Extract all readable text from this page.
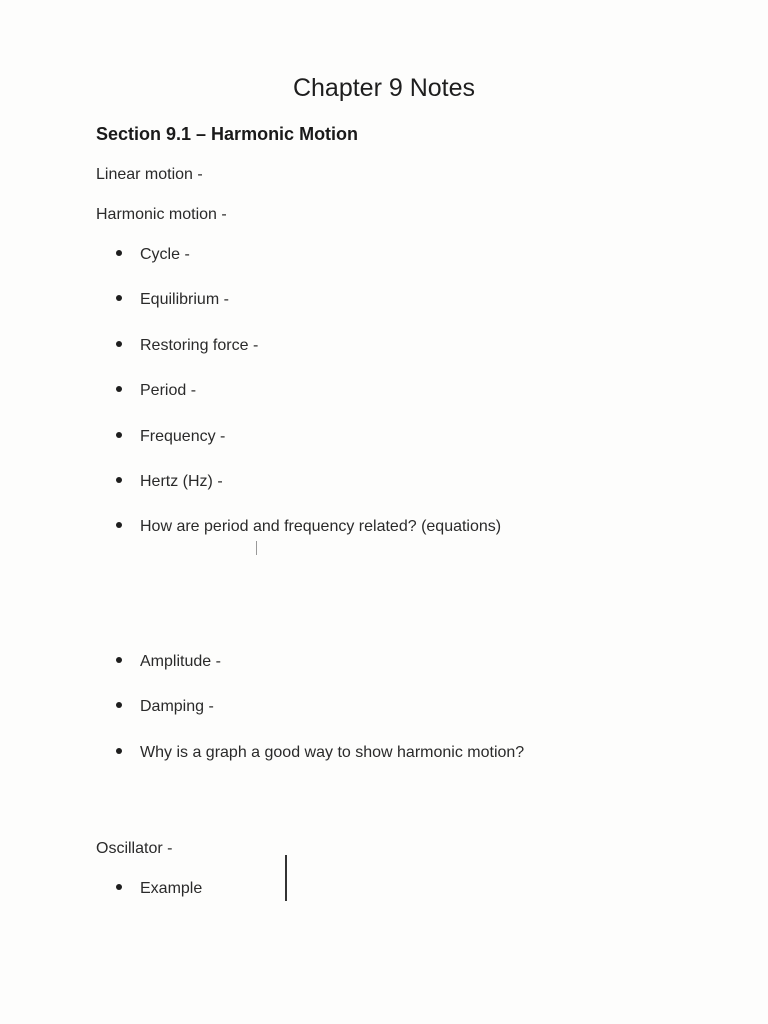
Chapter 9 Notes
Section 9.1 – Harmonic Motion
Linear motion -
Harmonic motion -
Cycle -
Equilibrium -
Restoring force -
Period -
Frequency -
Hertz (Hz) -
How are period and frequency related? (equations)
Amplitude -
Damping -
Why is a graph a good way to show harmonic motion?
Oscillator -
Example
